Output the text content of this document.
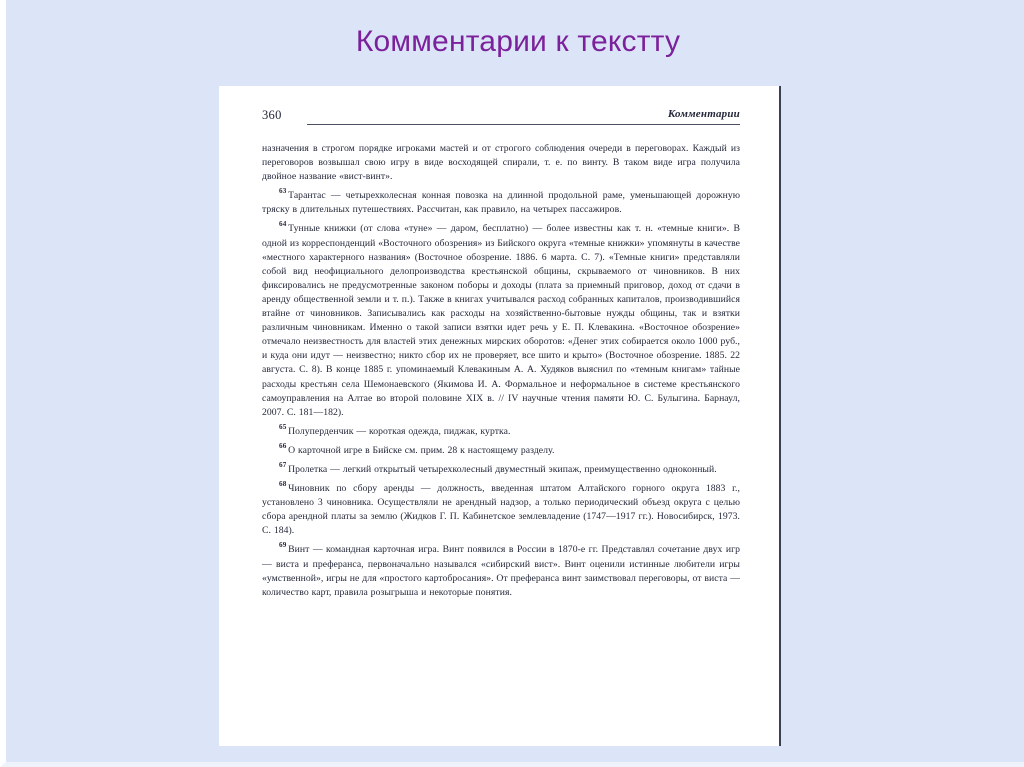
Комментарии к текстту
360	Комментарии

назначения в строгом порядке игроками мастей и от строгого соблюдения очереди в переговорах. Каждый из переговоров возвышал свою игру в виде восходящей спирали, т. е. по винту. В таком виде игра получила двойное название «вист-винт».

$^{63}$ Тарантас — четырехколесная конная повозка на длинной продольной раме, уменьшающей дорожную тряску в длительных путешествиях. Рассчитан, как правило, на четырех пассажиров.

$^{64}$ Тунные книжки (от слова «туне» — даром, бесплатно) — более известны как т. н. «темные книги». В одной из корреспонденций «Восточного обозрения» из Бийского округа «темные книжки» упомянуты в качестве «местного характерного названия» (Восточное обозрение. 1886. 6 марта. С. 7). «Темные книги» представляли собой вид неофициального делопроизводства крестьянской общины, скрываемого от чиновников. В них фиксировались не предусмотренные законом поборы и доходы (плата за приемный приговор, доход от сдачи в аренду общественной земли и т. п.). Также в книгах учитывался расход собранных капиталов, производившийся втайне от чиновников. Записывались как расходы на хозяйственно-бытовые нужды общины, так и взятки различным чиновникам. Именно о такой записи взятки идет речь у Е. П. Клевакина. «Восточное обозрение» отмечало неизвестность для властей этих денежных мирских оборотов: «Денег этих собирается около 1000 руб., и куда они идут — неизвестно; никто сбор их не проверяет, все шито и крыто» (Восточное обозрение. 1885. 22 августа. С. 8). В конце 1885 г. упоминаемый Клевакиным А. А. Худяков выяснил по «темным книгам» тайные расходы крестьян села Шемонаевского (Якимова И. А. Формальное и неформальное в системе крестьянского самоуправления на Алтае во второй половине XIX в. // IV научные чтения памяти Ю. С. Булыгина. Барнаул, 2007. С. 181—182).

$^{65}$ Полуперденчик — короткая одежда, пиджак, куртка.

$^{66}$ О карточной игре в Бийске см. прим. 28 к настоящему разделу.

$^{67}$ Пролетка — легкий открытый четырехколесный двуместный экипаж, преимущественно одноконный.

$^{68}$ Чиновник по сбору аренды — должность, введенная штатом Алтайского горного округа 1883 г., установлено 3 чиновника. Осуществляли не арендный надзор, а только периодический объезд округа с целью сбора арендной платы за землю (Жидков Г. П. Кабинетское землевладение (1747—1917 гг.). Новосибирск, 1973. С. 184).

$^{69}$ Винт — командная карточная игра. Винт появился в России в 1870-е гг. Представлял сочетание двух игр — виста и преферанса, первоначально назывался «сибирский вист». Винт оценили истинные любители игры «умственной», игры не для «простого картобросания». От преферанса винт заимствовал переговоры, от виста — количество карт, правила розыгрыша и некоторые понятия.
